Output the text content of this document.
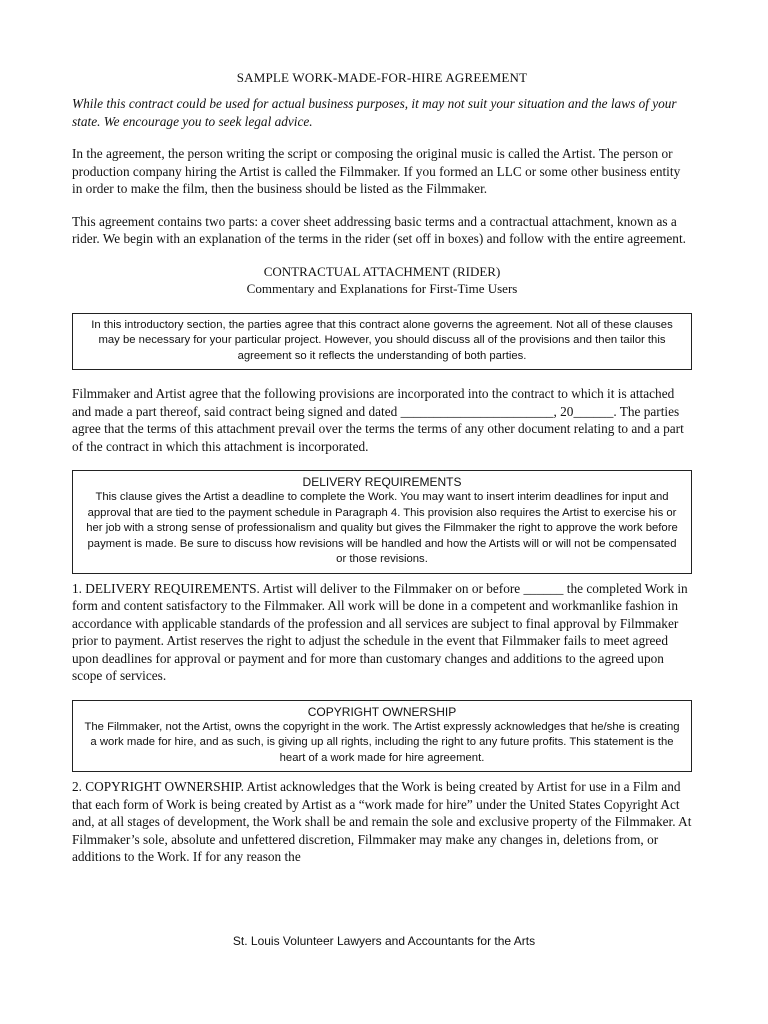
SAMPLE WORK-MADE-FOR-HIRE AGREEMENT

While this contract could be used for actual business purposes, it may not suit your situation and the laws of your state. We encourage you to seek legal advice.

In the agreement, the person writing the script or composing the original music is called the Artist. The person or production company hiring the Artist is called the Filmmaker. If you formed an LLC or some other business entity in order to make the film, then the business should be listed as the Filmmaker.

This agreement contains two parts: a cover sheet addressing basic terms and a contractual attachment, known as a rider. We begin with an explanation of the terms in the rider (set off in boxes) and follow with the entire agreement.

CONTRACTUAL ATTACHMENT (RIDER)

Commentary and Explanations for First-Time Users

In this introductory section, the parties agree that this contract alone governs the agreement. Not all of these clauses may be necessary for your particular project. However, you should discuss all of the provisions and then tailor this agreement so it reflects the understanding of both parties.

Filmmaker and Artist agree that the following provisions are incorporated into the contract to which it is attached and made a part thereof, said contract being signed and dated _______________________, 20______. The parties agree that the terms of this attachment prevail over the terms the terms of any other document relating to and a part of the contract in which this attachment is incorporated.

DELIVERY REQUIREMENTS
This clause gives the Artist a deadline to complete the Work. You may want to insert interim deadlines for input and approval that are tied to the payment schedule in Paragraph 4. This provision also requires the Artist to exercise his or her job with a strong sense of professionalism and quality but gives the Filmmaker the right to approve the work before payment is made. Be sure to discuss how revisions will be handled and how the Artists will or will not be compensated or those revisions.

1. DELIVERY REQUIREMENTS. Artist will deliver to the Filmmaker on or before ______ the completed Work in form and content satisfactory to the Filmmaker. All work will be done in a competent and workmanlike fashion in accordance with applicable standards of the profession and all services are subject to final approval by Filmmaker prior to payment. Artist reserves the right to adjust the schedule in the event that Filmmaker fails to meet agreed upon deadlines for approval or payment and for more than customary changes and additions to the agreed upon scope of services.

COPYRIGHT OWNERSHIP
The Filmmaker, not the Artist, owns the copyright in the work. The Artist expressly acknowledges that he/she is creating a work made for hire, and as such, is giving up all rights, including the right to any future profits. This statement is the heart of a work made for hire agreement.

2. COPYRIGHT OWNERSHIP. Artist acknowledges that the Work is being created by Artist for use in a Film and that each form of Work is being created by Artist as a “work made for hire” under the United States Copyright Act and, at all stages of development, the Work shall be and remain the sole and exclusive property of the Filmmaker. At Filmmaker’s sole, absolute and unfettered discretion, Filmmaker may make any changes in, deletions from, or additions to the Work. If for any reason the

St. Louis Volunteer Lawyers and Accountants for the Arts
